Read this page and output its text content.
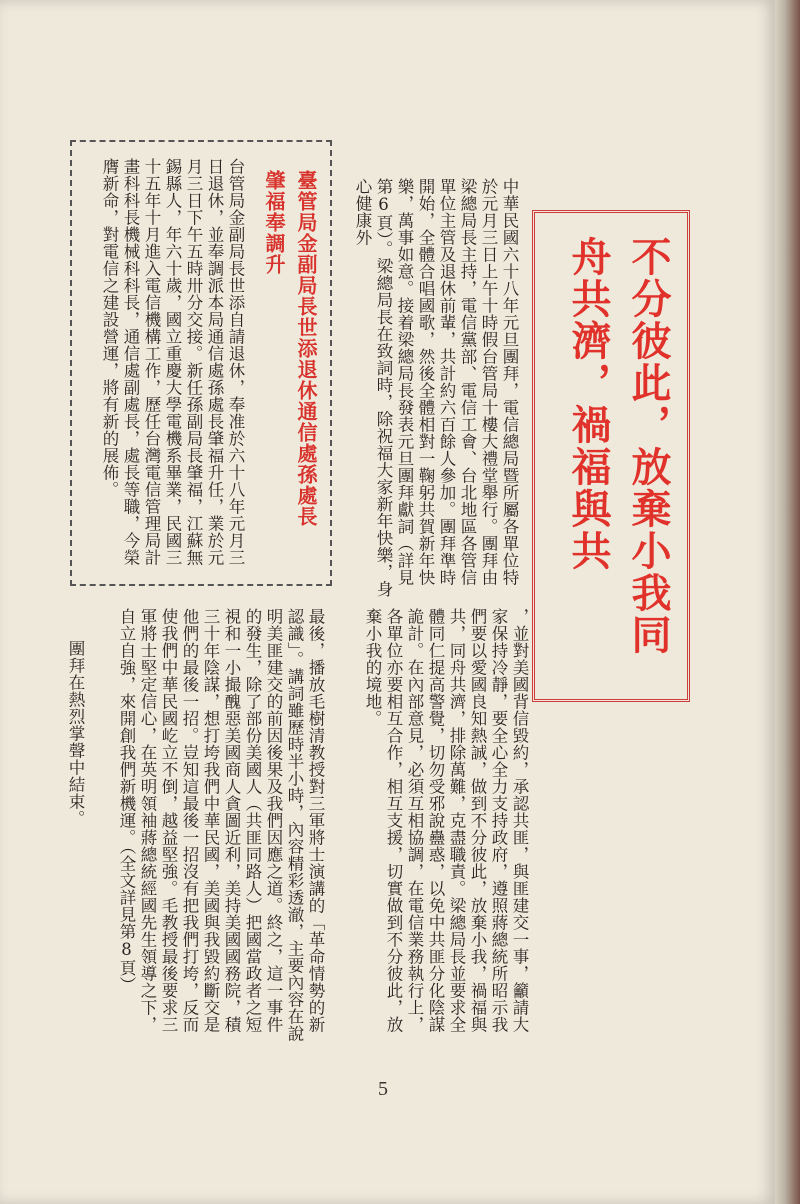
不分彼此，放棄小我同舟共濟，禍福與共
中華民國六十八年元旦團拜，電信總局暨所屬各單位特於元月三日上午十時假台管局十樓大禮堂舉行。團拜由梁總局長主持，電信黨部、電信工會、台北地區各管信單位主管及退休前輩，共計約六百餘人參加。團拜準時開始，全體合唱國歌，然後全體相對一鞠躬共賀新年快樂，萬事如意。接着梁總局長發表元旦團拜獻詞（詳見第6頁）。梁總局長在致詞時，除祝福大家新年快樂，身心健康外
，並對美國背信毀約，承認共匪，與匪建交一事，籲請大家保持冷靜，要全心全力支持政府，遵照蔣總統所昭示我們要以愛國良知熱誠，做到不分彼此，放棄小我，禍福與共，同舟共濟，排除萬難，克盡職責。梁總局長並要求全體同仁提高警覺，切勿受邪說蠱惑，以免中共匪分化陰謀詭計。在內部意見，必須互相協調，在電信業務執行上，各單位亦要相互合作，相互支援，切實做到不分彼此，放棄小我的境地。
最後，播放毛樹清教授對三軍將士演講的「革命情勢的新認識」。講詞雖歷時半小時，內容精彩透澈，主要內容在說明美匪建交的前因後果及我們因應之道。終之，這一事件的發生，除了部份美國人（共匪同路人）把國當政者之短視和一小撮醜惡美國商人貪圖近利，美持美國國務院，積三十年陰謀，想打垮我們中華民國，美國與我毀約斷交是他們的最後一招。豈知這最後一招沒有把我們打垮，反而使我們中華民國屹立不倒，越益堅強。毛教授最後要求三軍將士堅定信心，在英明領袖蔣總統經國先生領導之下，自立自強，來開創我們新機運。（全文詳見第8頁）
團拜在熱烈掌聲中結束。
臺管局金副局長世添退休通信處孫處長肇福奉調升
台管局金副局長世添自請退休，奉准於六十八年元月三日退休，並奉調派本局通信處孫處長肇福升任，業於元月三日下午五時卅分交接。新任孫副局長肇福，江蘇無錫縣人，年六十歲，國立重慶大學電機系畢業，民國三十五年十月進入電信機構工作，歷任台灣電信管理局計畫科科長機械科科長，通信處副處長，處長等職，今榮膺新命，對電信之建設營運，將有新的展佈。
5
